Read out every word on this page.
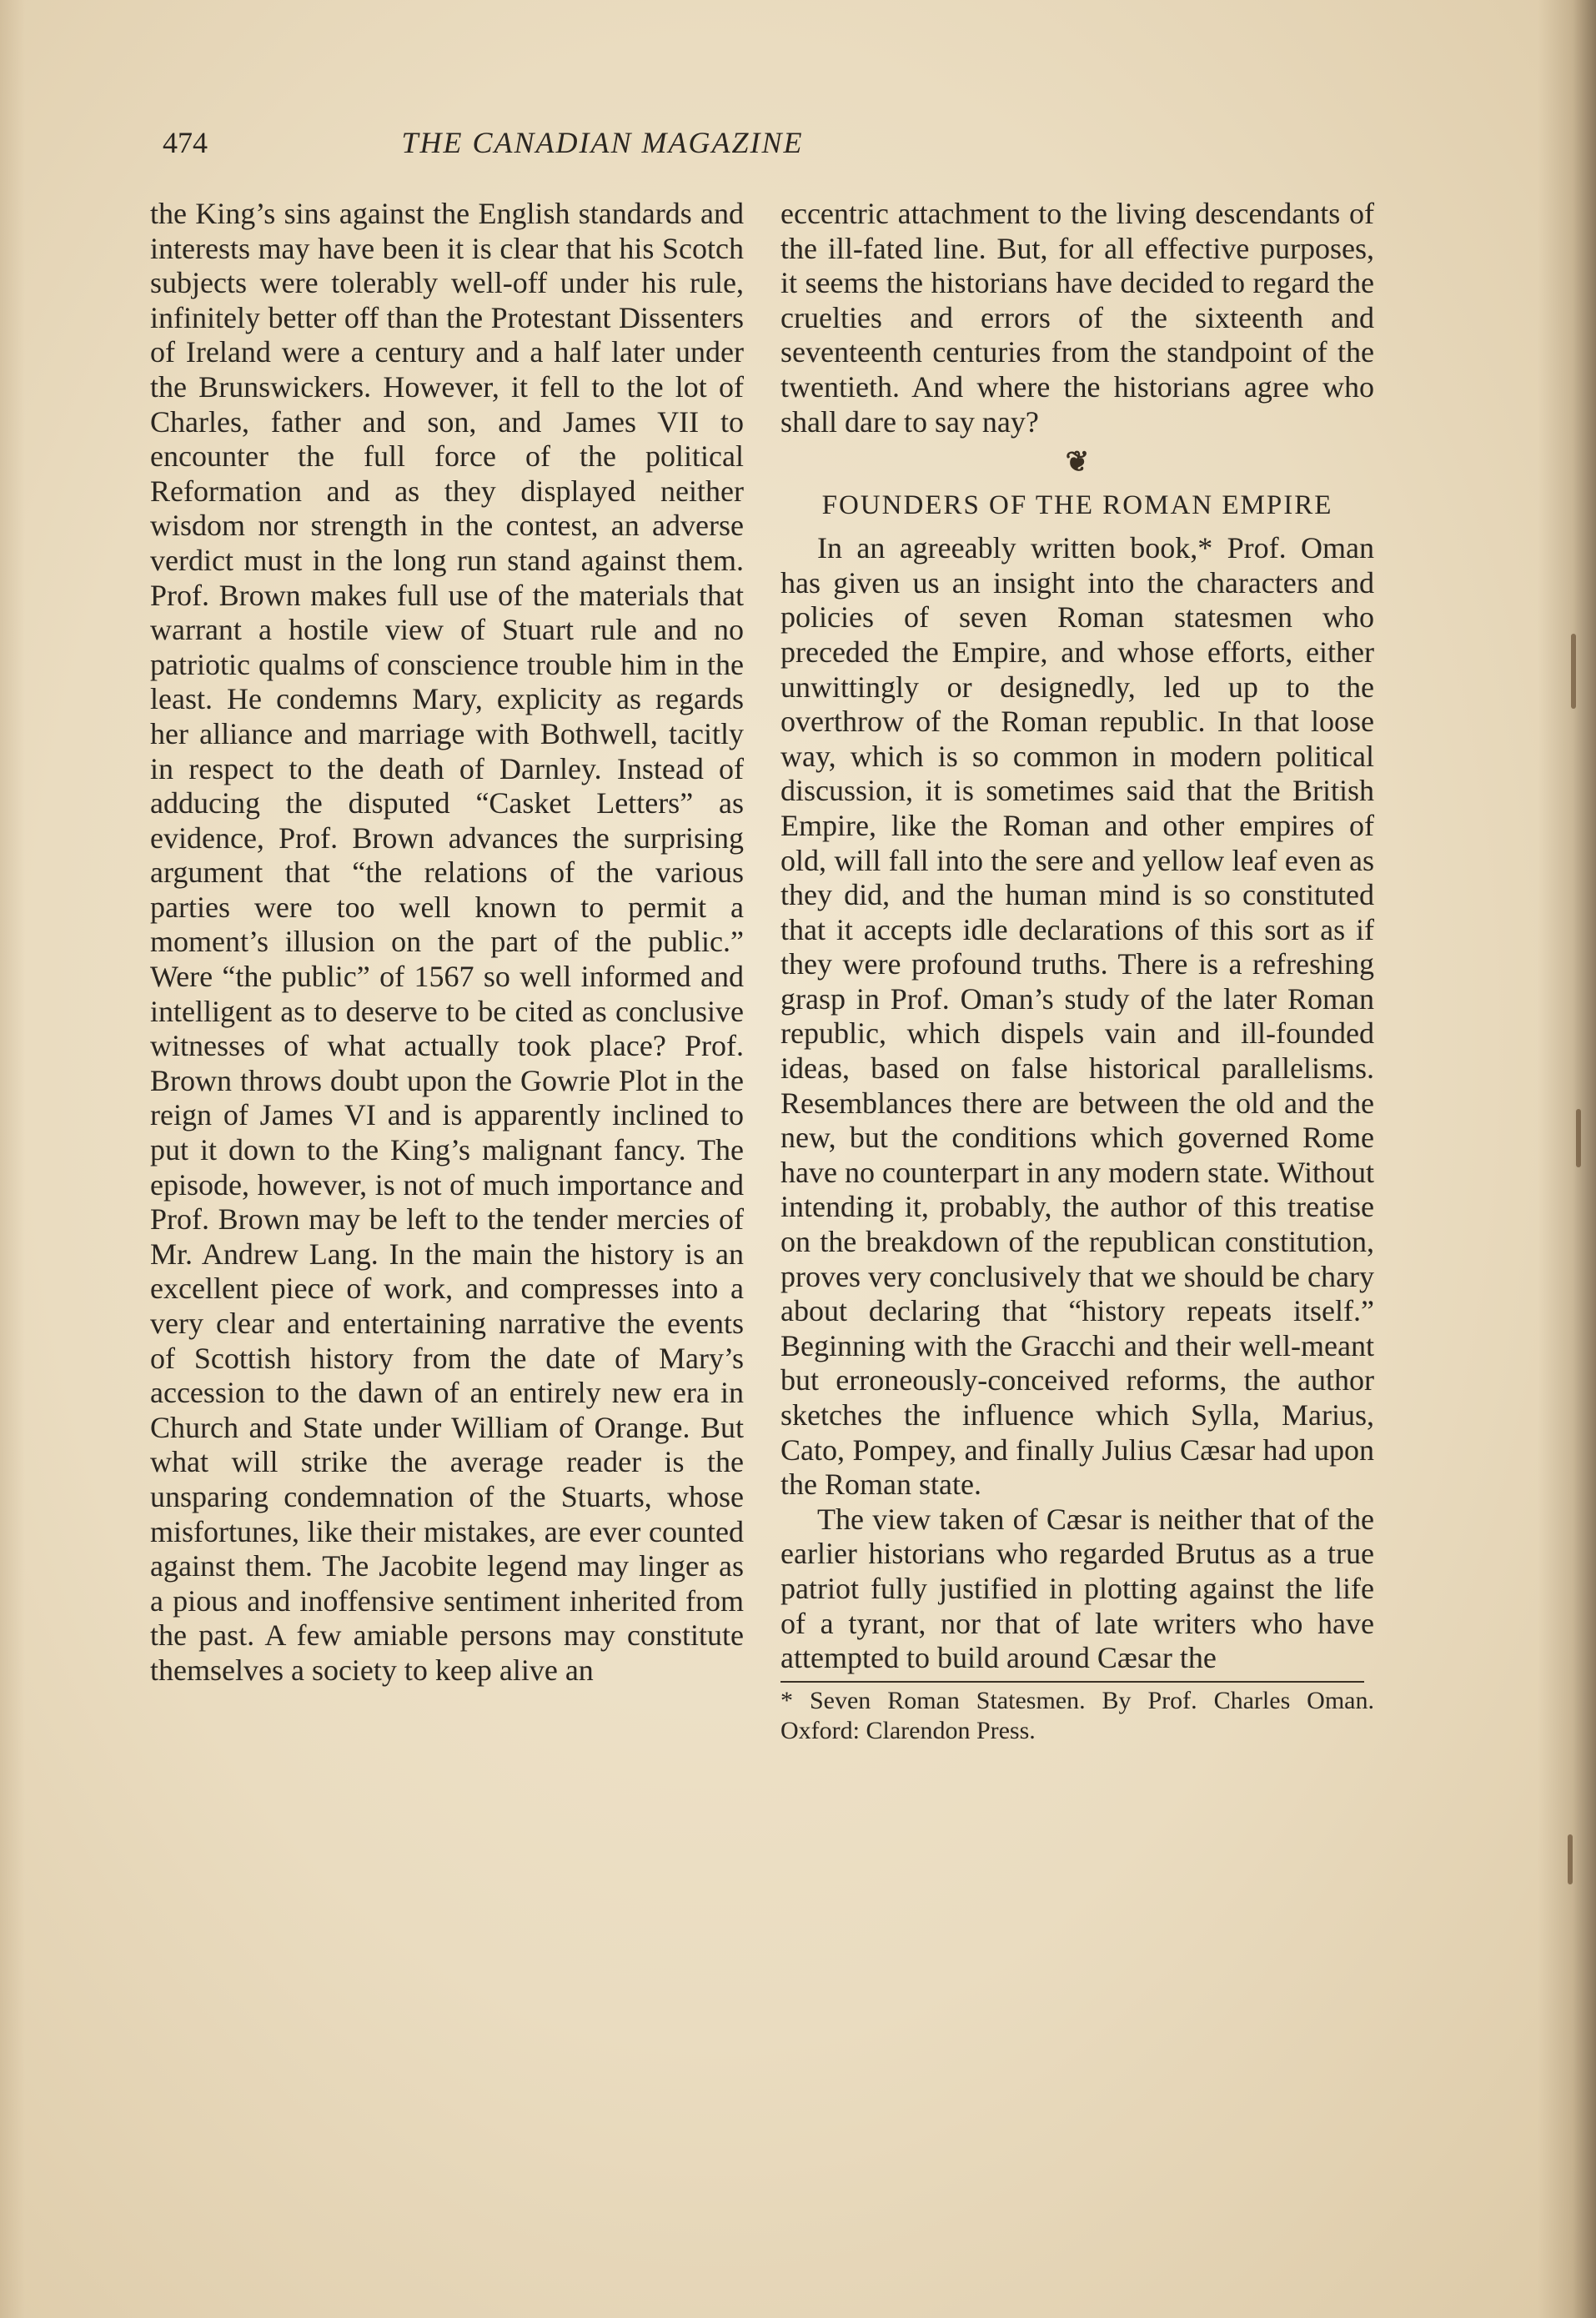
THE CANADIAN MAGAZINE
474

the King’s sins against the English standards and interests may have been it is clear that his Scotch subjects were tolerably well-off under his rule, infinitely better off than the Protestant Dissenters of Ireland were a century and a half later under the Brunswickers. However, it fell to the lot of Charles, father and son, and James VII to encounter the full force of the political Reformation and as they displayed neither wisdom nor strength in the contest, an adverse verdict must in the long run stand against them. Prof. Brown makes full use of the materials that warrant a hostile view of Stuart rule and no patriotic qualms of conscience trouble him in the least. He condemns Mary, explicity as regards her alliance and marriage with Bothwell, tacitly in respect to the death of Darnley. Instead of adducing the disputed “Casket Letters” as evidence, Prof. Brown advances the surprising argument that “the relations of the various parties were too well known to permit a moment’s illusion on the part of the public.” Were “the public” of 1567 so well informed and intelligent as to deserve to be cited as conclusive witnesses of what actually took place? Prof. Brown throws doubt upon the Gowrie Plot in the reign of James VI and is apparently inclined to put it down to the King’s malignant fancy. The episode, however, is not of much importance and Prof. Brown may be left to the tender mercies of Mr. Andrew Lang. In the main the history is an excellent piece of work, and compresses into a very clear and entertaining narrative the events of Scottish history from the date of Mary’s accession to the dawn of an entirely new era in Church and State under William of Orange. But what will strike the average reader is the unsparing condemnation of the Stuarts, whose misfortunes, like their mistakes, are ever counted against them. The Jacobite legend may linger as a pious and inoffensive sentiment inherited from the past. A few amiable persons may constitute themselves a society to keep alive an

eccentric attachment to the living descendants of the ill-fated line. But, for all effective purposes, it seems the historians have decided to regard the cruelties and errors of the sixteenth and seventeenth centuries from the standpoint of the twentieth. And where the historians agree who shall dare to say nay?

❦
FOUNDERS OF THE ROMAN EMPIRE

In an agreeably written book,* Prof. Oman has given us an insight into the characters and policies of seven Roman statesmen who preceded the Empire, and whose efforts, either unwittingly or designedly, led up to the overthrow of the Roman republic. In that loose way, which is so common in modern political discussion, it is sometimes said that the British Empire, like the Roman and other empires of old, will fall into the sere and yellow leaf even as they did, and the human mind is so constituted that it accepts idle declarations of this sort as if they were profound truths. There is a refreshing grasp in Prof. Oman’s study of the later Roman republic, which dispels vain and ill-founded ideas, based on false historical parallelisms. Resemblances there are between the old and the new, but the conditions which governed Rome have no counterpart in any modern state. Without intending it, probably, the author of this treatise on the breakdown of the republican constitution, proves very conclusively that we should be chary about declaring that “history repeats itself.” Beginning with the Gracchi and their well-meant but erroneously-conceived reforms, the author sketches the influence which Sylla, Marius, Cato, Pompey, and finally Julius Cæsar had upon the Roman state.

The view taken of Cæsar is neither that of the earlier historians who regarded Brutus as a true patriot fully justified in plotting against the life of a tyrant, nor that of late writers who have attempted to build around Cæsar the

* Seven Roman Statesmen. By Prof. Charles Oman. Oxford: Clarendon Press.
